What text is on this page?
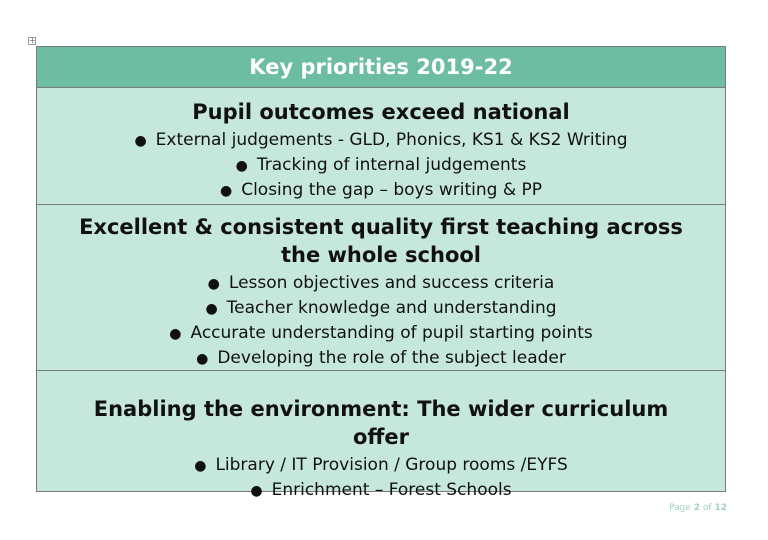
+
Key priorities 2019-22
Pupil outcomes exceed national
● External judgements - GLD, Phonics, KS1 & KS2 Writing
● Tracking of internal judgements
● Closing the gap – boys writing & PP
Excellent & consistent quality first teaching across the whole school
● Lesson objectives and success criteria
● Teacher knowledge and understanding
● Accurate understanding of pupil starting points
● Developing the role of the subject leader
Enabling the environment: The wider curriculum offer
● Library / IT Provision / Group rooms /EYFS
● Enrichment – Forest Schools
Page 2 of 12
